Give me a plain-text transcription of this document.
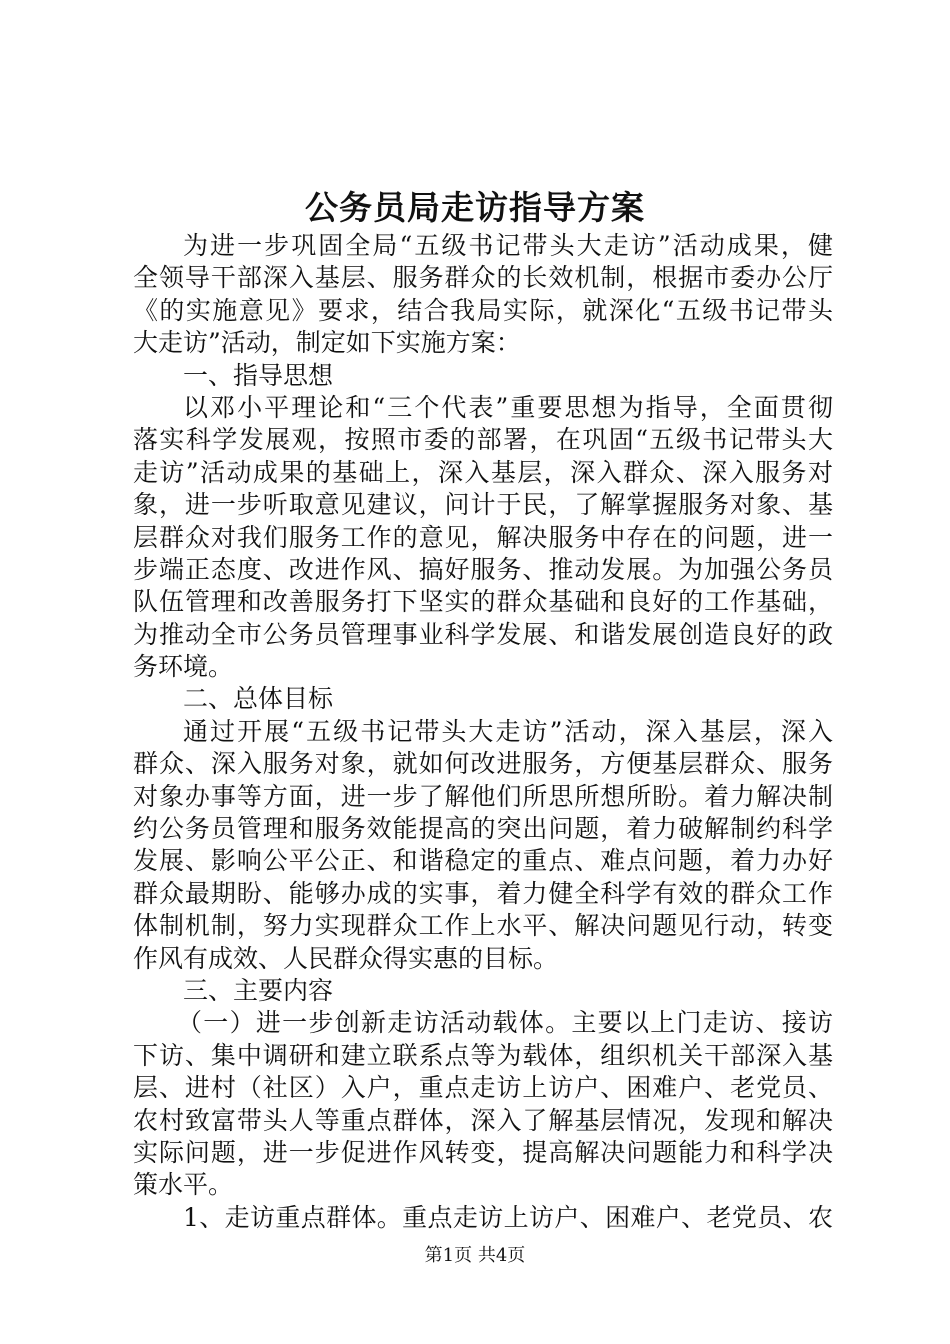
公务员局走访指导方案

为进一步巩固全局“五级书记带头大走访”活动成果，健

全领导干部深入基层、服务群众的长效机制，根据市委办公厅

《的实施意见》要求，结合我局实际，就深化“五级书记带头

大走访”活动，制定如下实施方案：

一、指导思想

以邓小平理论和“三个代表”重要思想为指导，全面贯彻

落实科学发展观，按照市委的部署，在巩固“五级书记带头大

走访”活动成果的基础上，深入基层，深入群众、深入服务对

象，进一步听取意见建议，问计于民，了解掌握服务对象、基

层群众对我们服务工作的意见，解决服务中存在的问题，进一

步端正态度、改进作风、搞好服务、推动发展。为加强公务员

队伍管理和改善服务打下坚实的群众基础和良好的工作基础，

为推动全市公务员管理事业科学发展、和谐发展创造良好的政

务环境。

二、总体目标

通过开展“五级书记带头大走访”活动，深入基层，深入

群众、深入服务对象，就如何改进服务，方便基层群众、服务

对象办事等方面，进一步了解他们所思所想所盼。着力解决制

约公务员管理和服务效能提高的突出问题，着力破解制约科学

发展、影响公平公正、和谐稳定的重点、难点问题，着力办好

群众最期盼、能够办成的实事，着力健全科学有效的群众工作

体制机制，努力实现群众工作上水平、解决问题见行动，转变

作风有成效、人民群众得实惠的目标。

三、主要内容

（一）进一步创新走访活动载体。主要以上门走访、接访

下访、集中调研和建立联系点等为载体，组织机关干部深入基

层、进村（社区）入户，重点走访上访户、困难户、老党员、

农村致富带头人等重点群体，深入了解基层情况，发现和解决

实际问题，进一步促进作风转变，提高解决问题能力和科学决

策水平。

1、走访重点群体。重点走访上访户、困难户、老党员、农

第1页 共4页
